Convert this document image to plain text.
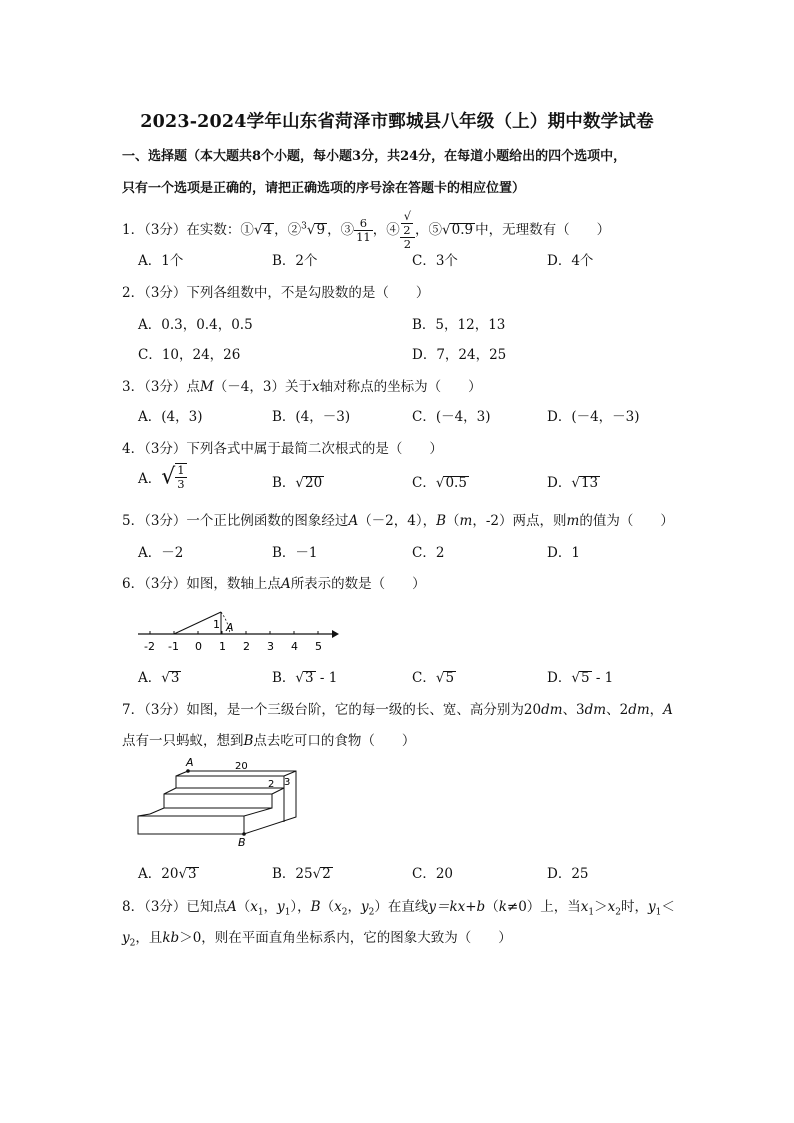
2023-2024学年山东省菏泽市鄄城县八年级（上）期中数学试卷
一、选择题（本大题共8个小题，每小题3分，共24分，在每道小题给出的四个选项中，
只有一个选项是正确的，请把正确选项的序号涂在答题卡的相应位置）
1．（3分）在实数：①√4 ，②$^3$√9 ，③ $\frac{6}{11}$ ，④ √
2
2 ，⑤√0.9 中，无理数有（　　）
A．1个	B．2个	C．3个	D．4个
2．（3分）下列各组数中，不是勾股数的是（　　）
A．0.3，0.4，0.5	B．5，12，13
C．10，24，26	D．7，24，25
3．（3分）点M（－4，3）关于x轴对称点的坐标为（　　）
A．(4，3)	B．(4，－3)	C．(－4，3)	D．(－4，－3)
4．（3分）下列各式中属于最简二次根式的是（　　）
A．√ $\frac{1}{3}$	B．√20	C．√0.5	D．√13
5．（3分）一个正比例函数的图象经过A（－2，4），B（m，-2）两点，则m的值为（　　）
A．－2	B．－1	C．2	D．1
6．（3分）如图，数轴上点A所表示的数是（　　）
-2 -1 0 1 2 3 4 5
1 A
A．√3	B．√3 - 1	C．√5	D．√5 - 1
7．（3分）如图，是一个三级台阶，它的每一级的长、宽、高分别为20dm、3dm、2dm，A
点有一只蚂蚁，想到B点去吃可口的食物（　　）
A
B
20
2 3
A．20√3	B．25√2	C．20	D．25
8．（3分）已知点$A(x_1$，$y_1$），$B(x_2$，$y_2$）在直线y＝kx+b（k≠0）上，当$x_1>x_2$时，$y_1<$
$y_2$，且kb＞0，则在平面直角坐标系内，它的图象大致为（　　）
